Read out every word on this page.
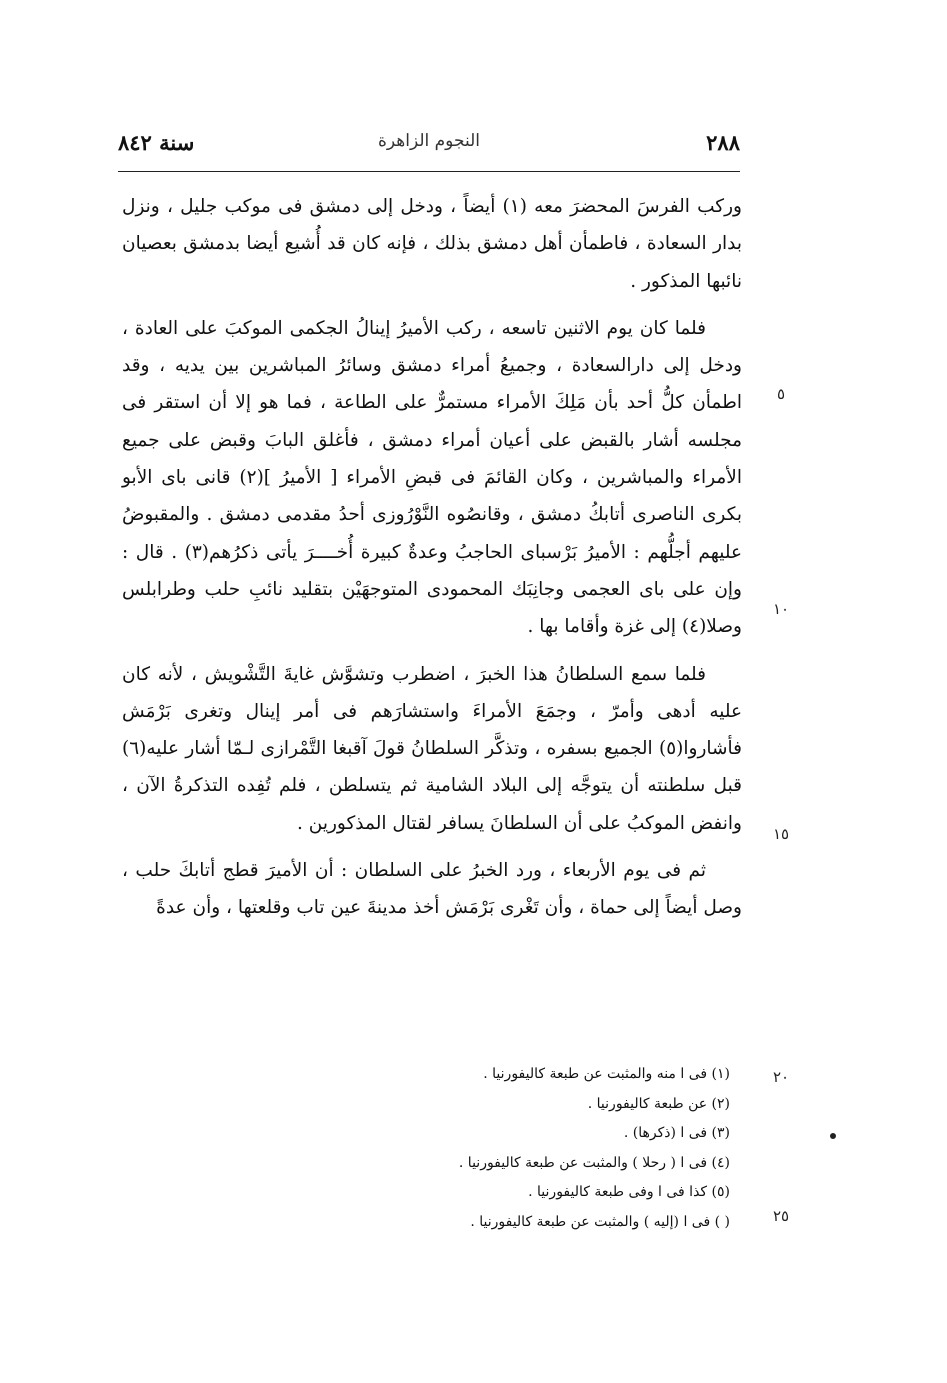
٢٨٨
النجوم الزاهرة
سنة ٨٤٢

وركب الفرسَ المحضرَ معه (١) أيضاً ، ودخل إلى دمشق فى موكب جليل ، ونزل بدار السعادة ، فاطمأن أهل دمشق بذلك ، فإنه كان قد أُشيع أيضا بدمشق بعصيان نائبها المذكور .

فلما كان يوم الاثنين تاسعه ، ركب الأميرُ إينالُ الجكمى الموكبَ على العادة ، ودخل إلى دارالسعادة ، وجميعُ أمراء دمشق وسائرُ المباشرين بين يديه ، وقد اطمأن كلُّ أحد بأن مَلِكَ الأمراء مستمرٌّ على الطاعة ، فما هو إلا أن استقر فى مجلسه أشار بالقبض على أعيان أمراء دمشق ، فأغلق البابَ وقبض على جميع الأمراء والمباشرين ، وكان القائمَ فى قبضِ الأمراء [ الأميرُ ](٢) قانى باى الأبو بكرى الناصرى أتابكُ دمشق ، وقانصُوه النَّوْرُوزى أحدُ مقدمى دمشق . والمقبوضُ عليهم أجلُّهم : الأميرُ بَرْسباى الحاجبُ وعدةٌ كبيرة أُخــــرَ يأتى ذكرُهم(٣) . قال : وإن على باى العجمى وجانِبَك المحمودى المتوجهَيْن بتقليد نائبِ حلب وطرابلس وصلا(٤) إلى غزة وأقاما بها .

فلما سمع السلطانُ هذا الخبرَ ، اضطرب وتشوَّش غايةَ التَّشْويش ، لأنه كان عليه أدهى وأمرّ ، وجمَعَ الأمراءَ واستشارَهم فى أمر إينال وتغرى بَرْمَش فأشاروا(٥) الجميع بسفره ، وتذكَّر السلطانُ قولَ آقبغا التَّمْرازى لـمّا أشار عليه(٦) قبل سلطنته أن يتوجَّه إلى البلاد الشامية ثم يتسلطن ، فلم تُفِده التذكرةُ الآن ، وانفض الموكبُ على أن السلطانَ يسافر لقتال المذكورين .

ثم فى يوم الأربعاء ، ورد الخبرُ على السلطان : أن الأميرَ قطج أتابكَ حلب ، وصل أيضاً إلى حماة ، وأن تَغْرى بَرْمَش أخذ مدينةَ عين تاب وقلعتها ، وأن عدةً

٥
١٠
١٥
٢٠
٢٥
(١) فى ا منه والمثبت عن طبعة كاليفورنيا .
(٢) عن طبعة كاليفورنيا .
(٣) فى ا (ذكرها) .
(٤) فى ا ( رحلا ) والمثبت عن طبعة كاليفورنيا .
(٥) كذا فى ا وفى طبعة كاليفورنيا .
( ) فى ا (إليه ) والمثبت عن طبعة كاليفورنيا .
